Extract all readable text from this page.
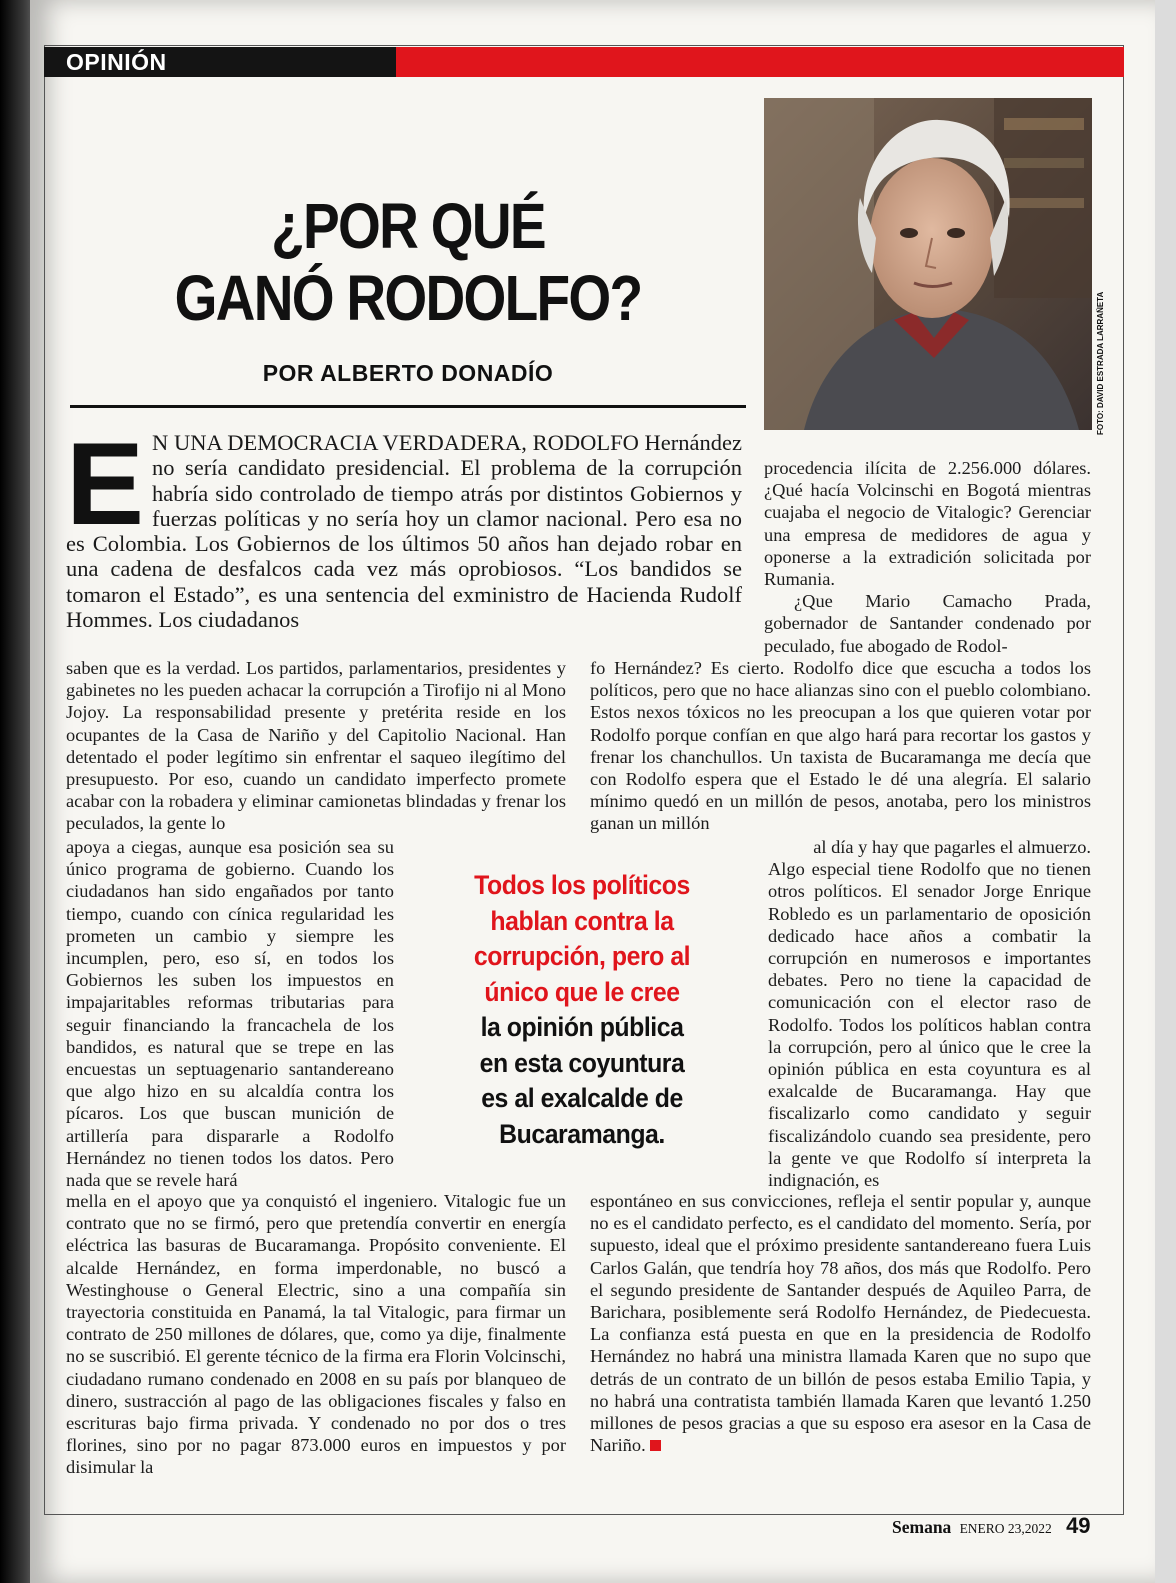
OPINIÓN
¿POR QUÉ
GANÓ RODOLFO?
POR ALBERTO DONADÍO	FOTO: DAVID ESTRADA LARRAÑETA
E N UNA DEMOCRACIA VERDADERA, RODOLFO Hernández no sería candidato presidencial. El problema de la corrupción habría sido controlado de tiempo atrás por distintos Gobiernos y fuerzas políticas y no sería hoy un clamor nacional. Pero esa no es Colombia. Los Gobiernos de los últimos 50 años han dejado robar en una cadena de desfalcos cada vez más oprobiosos. “Los bandidos se tomaron el Estado”, es una sentencia del exministro de Hacienda Rudolf Hommes. Los ciudadanos

saben que es la verdad. Los partidos, parlamentarios, presidentes y gabinetes no les pueden achacar la corrupción a Tirofijo ni al Mono Jojoy. La responsabilidad presente y pretérita reside en los ocupantes de la Casa de Nariño y del Capitolio Nacional. Han detentado el poder legítimo sin enfrentar el saqueo ilegítimo del presupuesto. Por eso, cuando un candidato imperfecto promete acabar con la robadera y eliminar camionetas blindadas y frenar los peculados, la gente lo

apoya a ciegas, aunque esa posición sea su único programa de gobierno. Cuando los ciudadanos han sido engañados por tanto tiempo, cuando con cínica regularidad les prometen un cambio y siempre les incumplen, pero, eso sí, en todos los Gobiernos les suben los impuestos en impajaritables reformas tributarias para seguir financiando la francachela de los bandidos, es natural que se trepe en las encuestas un septuagenario santandereano que algo hizo en su alcaldía contra los pícaros. Los que buscan munición de artillería para dispararle a Rodolfo Hernández no tienen todos los datos. Pero nada que se revele hará

mella en el apoyo que ya conquistó el ingeniero. Vitalogic fue un contrato que no se firmó, pero que pretendía convertir en energía eléctrica las basuras de Bucaramanga. Propósito conveniente. El alcalde Hernández, en forma imperdonable, no buscó a Westinghouse o General Electric, sino a una compañía sin trayectoria constituida en Panamá, la tal Vitalogic, para firmar un contrato de 250 millones de dólares, que, como ya dije, finalmente no se suscribió. El gerente técnico de la firma era Florin Volcinschi, ciudadano rumano condenado en 2008 en su país por blanqueo de dinero, sustracción al pago de las obligaciones fiscales y falso en escrituras bajo firma privada. Y condenado no por dos o tres florines, sino por no pagar 873.000 euros en impuestos y por disimular la

procedencia ilícita de 2.256.000 dólares. ¿Qué hacía Volcinschi en Bogotá mientras cuajaba el negocio de Vitalogic? Gerenciar una empresa de medidores de agua y oponerse a la extradición solicitada por Rumania.

¿Que Mario Camacho Prada, gobernador de Santander condenado por peculado, fue abogado de Rodol-

fo Hernández? Es cierto. Rodolfo dice que escucha a todos los políticos, pero que no hace alianzas sino con el pueblo colombiano. Estos nexos tóxicos no les preocupan a los que quieren votar por Rodolfo porque confían en que algo hará para recortar los gastos y frenar los chanchullos. Un taxista de Bucaramanga me decía que con Rodolfo espera que el Estado le dé una alegría. El salario mínimo quedó en un millón de pesos, anotaba, pero los ministros ganan un millón

al día y hay que pagarles el almuerzo.

Algo especial tiene Rodolfo que no tienen otros políticos. El senador Jorge Enrique Robledo es un parlamentario de oposición dedicado hace años a combatir la corrupción en numerosos e importantes debates. Pero no tiene la capacidad de comunicación con el elector raso de Rodolfo. Todos los políticos hablan contra la corrupción, pero al único que le cree la opinión pública en esta coyuntura es al exalcalde de Bucaramanga. Hay que fiscalizarlo como candidato y seguir fiscalizándolo cuando sea presidente, pero la gente ve que Rodolfo sí interpreta la indignación, es

espontáneo en sus convicciones, refleja el sentir popular y, aunque no es el candidato perfecto, es el candidato del momento. Sería, por supuesto, ideal que el próximo presidente santandereano fuera Luis Carlos Galán, que tendría hoy 78 años, dos más que Rodolfo. Pero el segundo presidente de Santander después de Aquileo Parra, de Barichara, posiblemente será Rodolfo Hernández, de Piedecuesta. La confianza está puesta en que en la presidencia de Rodolfo Hernández no habrá una ministra llamada Karen que no supo que detrás de un contrato de un billón de pesos estaba Emilio Tapia, y no habrá una contratista también llamada Karen que levantó 1.250 millones de pesos gracias a que su esposo era asesor en la Casa de Nariño.

Todos los políticos
hablan contra la
corrupción, pero al
único que le cree
la opinión pública
en esta coyuntura
es al exalcalde de
Bucaramanga.
Semana ENERO 23,2022 49
